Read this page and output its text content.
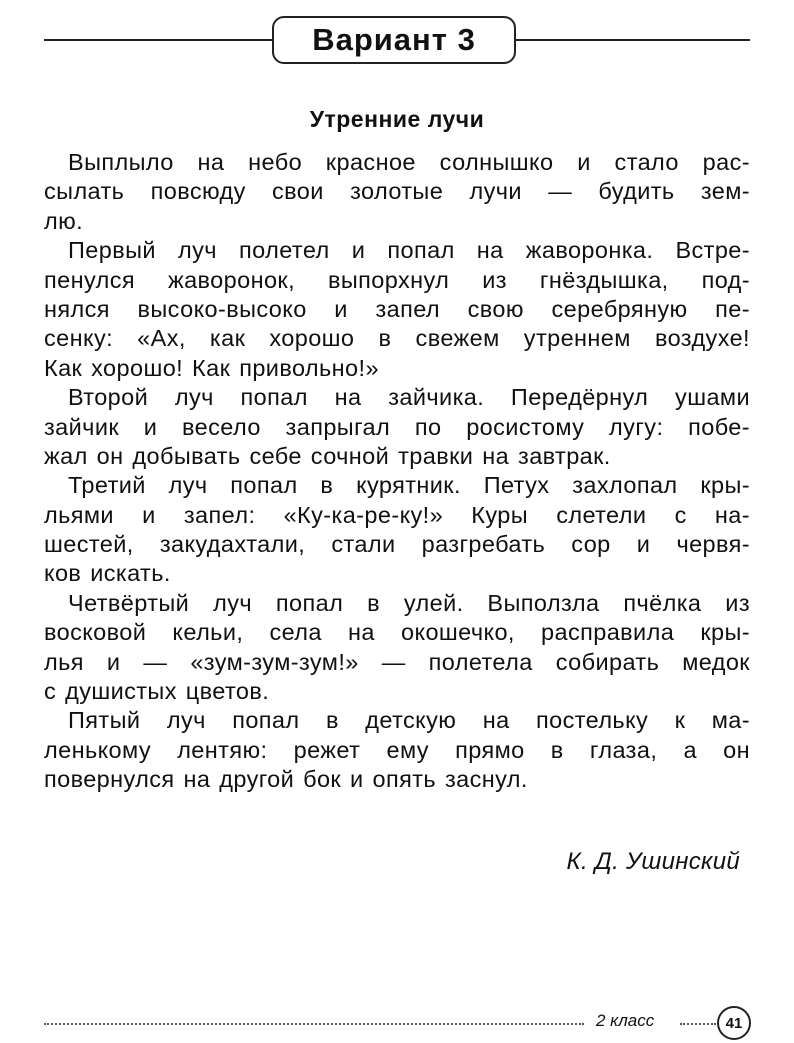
Вариант 3
Утренние лучи
Выплыло на небо красное солнышко и стало рас-
сылать повсюду свои золотые лучи — будить зем-
лю.
Первый луч полетел и попал на жаворонка. Встре-
пенулся жаворонок, выпорхнул из гнёздышка, под-
нялся высоко-высоко и запел свою серебряную пе-
сенку: «Ах, как хорошо в свежем утреннем воздухе!
Как хорошо! Как привольно!»
Второй луч попал на зайчика. Передёрнул ушами
зайчик и весело запрыгал по росистому лугу: побе-
жал он добывать себе сочной травки на завтрак.
Третий луч попал в курятник. Петух захлопал кры-
льями и запел: «Ку-ка-ре-ку!» Куры слетели с на-
шестей, закудахтали, стали разгребать сор и червя-
ков искать.
Четвёртый луч попал в улей. Выползла пчёлка из
восковой кельи, села на окошечко, расправила кры-
лья и — «зум-зум-зум!» — полетела собирать медок
с душистых цветов.
Пятый луч попал в детскую на постельку к ма-
ленькому лентяю: режет ему прямо в глаза, а он
повернулся на другой бок и опять заснул.
К. Д. Ушинский
2 класс	41
